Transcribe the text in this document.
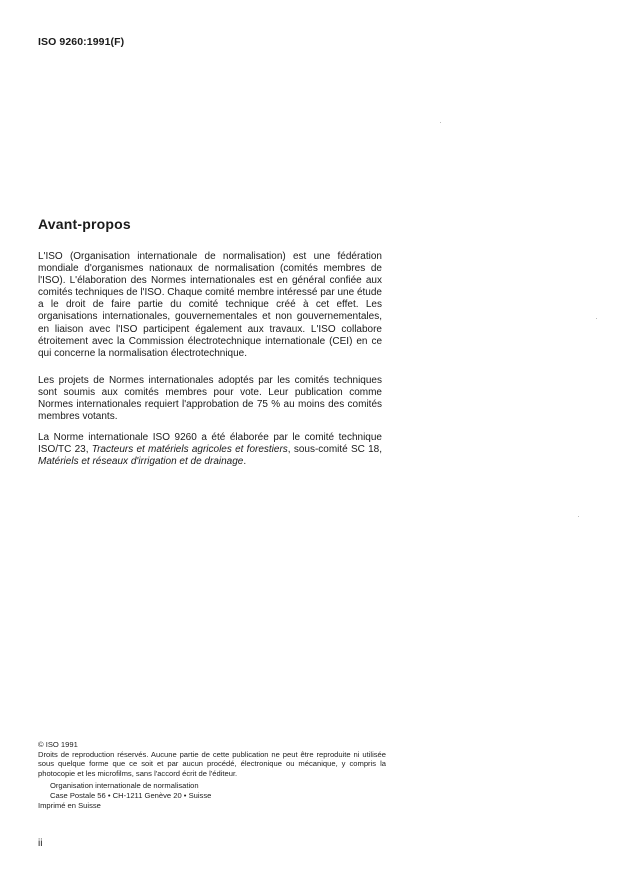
ISO 9260:1991(F)
Avant-propos

L'ISO (Organisation internationale de normalisation) est une fédération mondiale d'organismes nationaux de normalisation (comités membres de l'ISO). L'élaboration des Normes internationales est en général confiée aux comités techniques de l'ISO. Chaque comité membre intéressé par une étude a le droit de faire partie du comité technique créé à cet effet. Les organisations internationales, gouvernementales et non gouvernementales, en liaison avec l'ISO participent également aux travaux. L'ISO collabore étroitement avec la Commission électrotechnique internationale (CEI) en ce qui concerne la normalisation électrotechnique.

Les projets de Normes internationales adoptés par les comités techniques sont soumis aux comités membres pour vote. Leur publication comme Normes internationales requiert l'approbation de 75 % au moins des comités membres votants.

La Norme internationale ISO 9260 a été élaborée par le comité technique ISO/TC 23, Tracteurs et matériels agricoles et forestiers, sous-comité SC 18, Matériels et réseaux d'irrigation et de drainage.

© ISO 1991
Droits de reproduction réservés. Aucune partie de cette publication ne peut être reproduite ni utilisée sous quelque forme que ce soit et par aucun procédé, électronique ou mécanique, y compris la photocopie et les microfilms, sans l'accord écrit de l'éditeur.
Organisation internationale de normalisation
Case Postale 56 • CH-1211 Genève 20 • Suisse
Imprimé en Suisse
ii
